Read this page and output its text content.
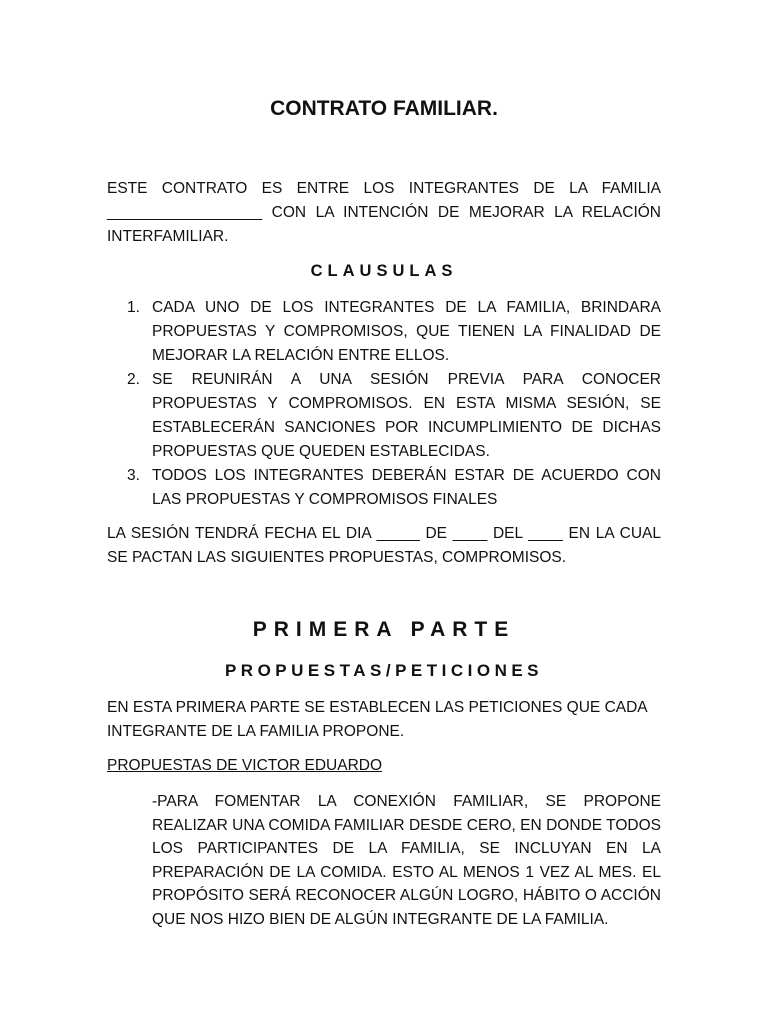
CONTRATO FAMILIAR.
ESTE CONTRATO ES ENTRE LOS INTEGRANTES DE LA FAMILIA
__________________ CON LA INTENCIÓN DE MEJORAR LA RELACIÓN
INTERFAMILIAR.
CLAUSULAS
1. CADA UNO DE LOS INTEGRANTES DE LA FAMILIA, BRINDARA PROPUESTAS Y COMPROMISOS, QUE TIENEN LA FINALIDAD DE MEJORAR LA RELACIÓN ENTRE ELLOS.
2. SE REUNIRÁN A UNA SESIÓN PREVIA PARA CONOCER PROPUESTAS Y COMPROMISOS. EN ESTA MISMA SESIÓN, SE ESTABLECERÁN SANCIONES POR INCUMPLIMIENTO DE DICHAS PROPUESTAS QUE QUEDEN ESTABLECIDAS.
3. TODOS LOS INTEGRANTES DEBERÁN ESTAR DE ACUERDO CON LAS PROPUESTAS Y COMPROMISOS FINALES
LA SESIÓN TENDRÁ FECHA EL DIA _____ DE ____ DEL ____ EN LA CUAL SE PACTAN LAS SIGUIENTES PROPUESTAS, COMPROMISOS.
PRIMERA PARTE
PROPUESTAS/PETICIONES
EN ESTA PRIMERA PARTE SE ESTABLECEN LAS PETICIONES QUE CADA INTEGRANTE DE LA FAMILIA PROPONE.
PROPUESTAS DE VICTOR EDUARDO
-PARA FOMENTAR LA CONEXIÓN FAMILIAR, SE PROPONE REALIZAR UNA COMIDA FAMILIAR DESDE CERO, EN DONDE TODOS LOS PARTICIPANTES DE LA FAMILIA, SE INCLUYAN EN LA PREPARACIÓN DE LA COMIDA. ESTO AL MENOS 1 VEZ AL MES. EL PROPÓSITO SERÁ RECONOCER ALGÚN LOGRO, HÁBITO O ACCIÓN QUE NOS HIZO BIEN DE ALGÚN INTEGRANTE DE LA FAMILIA.
